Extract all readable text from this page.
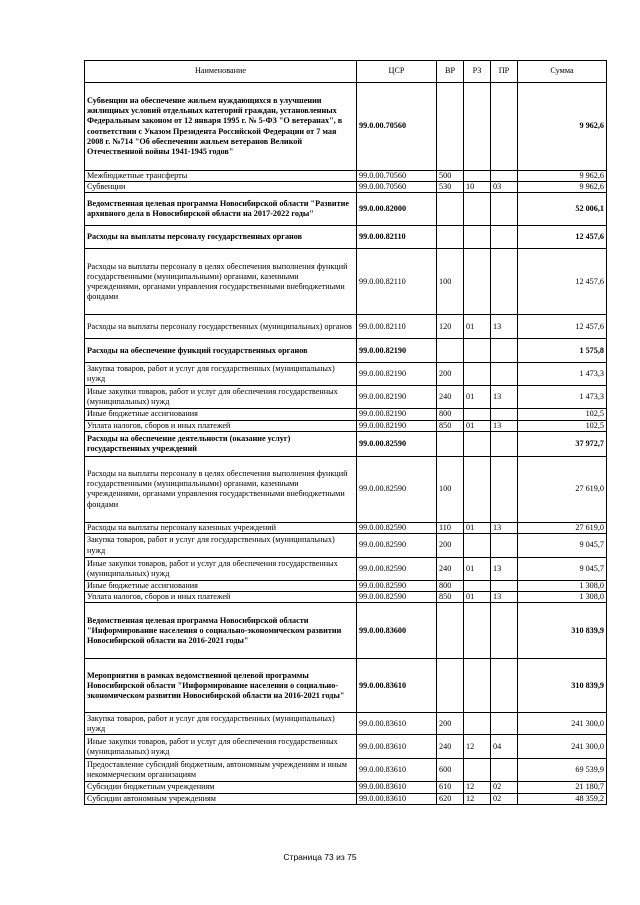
Наименование	ЦСР	ВР	РЗ	ПР	Сумма
Субвенции на обеспечение жильем нуждающихся в улучшении жилищных условий отдельных категорий граждан, установленных Федеральным законом от 12 января 1995 г. № 5-ФЗ "О ветеранах", в соответствии с Указом Президента Российской Федерации от 7 мая 2008 г. №714 "Об обеспечении жильем ветеранов Великой Отечественной войны 1941-1945 годов"	99.0.00.70560				9 962,6
Межбюджетные трансферты	99.0.00.70560	500			9 962,6
Субвенции	99.0.00.70560	530	10	03	9 962,6
Ведомственная целевая программа Новосибирской области "Развитие архивного дела в Новосибирской области на 2017-2022 годы"	99.0.00.82000				52 006,1
Расходы на выплаты персоналу государственных органов	99.0.00.82110				12 457,6
Расходы на выплаты персоналу в целях обеспечения выполнения функций государственными (муниципальными) органами, казенными учреждениями, органами управления государственными внебюджетными фондами	99.0.00.82110	100			12 457,6
Расходы на выплаты персоналу государственных (муниципальных) органов	99.0.00.82110	120	01	13	12 457,6
Расходы на обеспечение функций государственных органов	99.0.00.82190				1 575,8
Закупка товаров, работ и услуг для государственных (муниципальных) нужд	99.0.00.82190	200			1 473,3
Иные закупки товаров, работ и услуг для обеспечения государственных (муниципальных) нужд	99.0.00.82190	240	01	13	1 473,3
Иные бюджетные ассигнования	99.0.00.82190	800			102,5
Уплата налогов, сборов и иных платежей	99.0.00.82190	850	01	13	102,5
Расходы на обеспечение деятельности (оказание услуг) государственных учреждений	99.0.00.82590				37 972,7
Расходы на выплаты персоналу в целях обеспечения выполнения функций государственными (муниципальными) органами, казенными учреждениями, органами управления государственными внебюджетными фондами	99.0.00.82590	100			27 619,0
Расходы на выплаты персоналу казенных учреждений	99.0.00.82590	110	01	13	27 619,0
Закупка товаров, работ и услуг для государственных (муниципальных) нужд	99.0.00.82590	200			9 045,7
Иные закупки товаров, работ и услуг для обеспечения государственных (муниципальных) нужд	99.0.00.82590	240	01	13	9 045,7
Иные бюджетные ассигнования	99.0.00.82590	800			1 308,0
Уплата налогов, сборов и иных платежей	99.0.00.82590	850	01	13	1 308,0
Ведомственная целевая программа Новосибирской области "Информирование населения о социально-экономическом развитии Новосибирской области на 2016-2021 годы"	99.0.00.83600				310 839,9
Мероприятия в рамках ведомственной целевой программы Новосибирской области "Информирование населения о социально-экономическом развитии Новосибирской области на 2016-2021 годы"	99.0.00.83610				310 839,9
Закупка товаров, работ и услуг для государственных (муниципальных) нужд	99.0.00.83610	200			241 300,0
Иные закупки товаров, работ и услуг для обеспечения государственных (муниципальных) нужд	99.0.00.83610	240	12	04	241 300,0
Предоставление субсидий бюджетным, автономным учреждениям и иным некоммерческим организациям	99.0.00.83610	600			69 539,9
Субсидии бюджетным учреждениям	99.0.00.83610	610	12	02	21 180,7
Субсидии автономным учреждениям	99.0.00.83610	620	12	02	48 359,2
Страница 73 из 75
